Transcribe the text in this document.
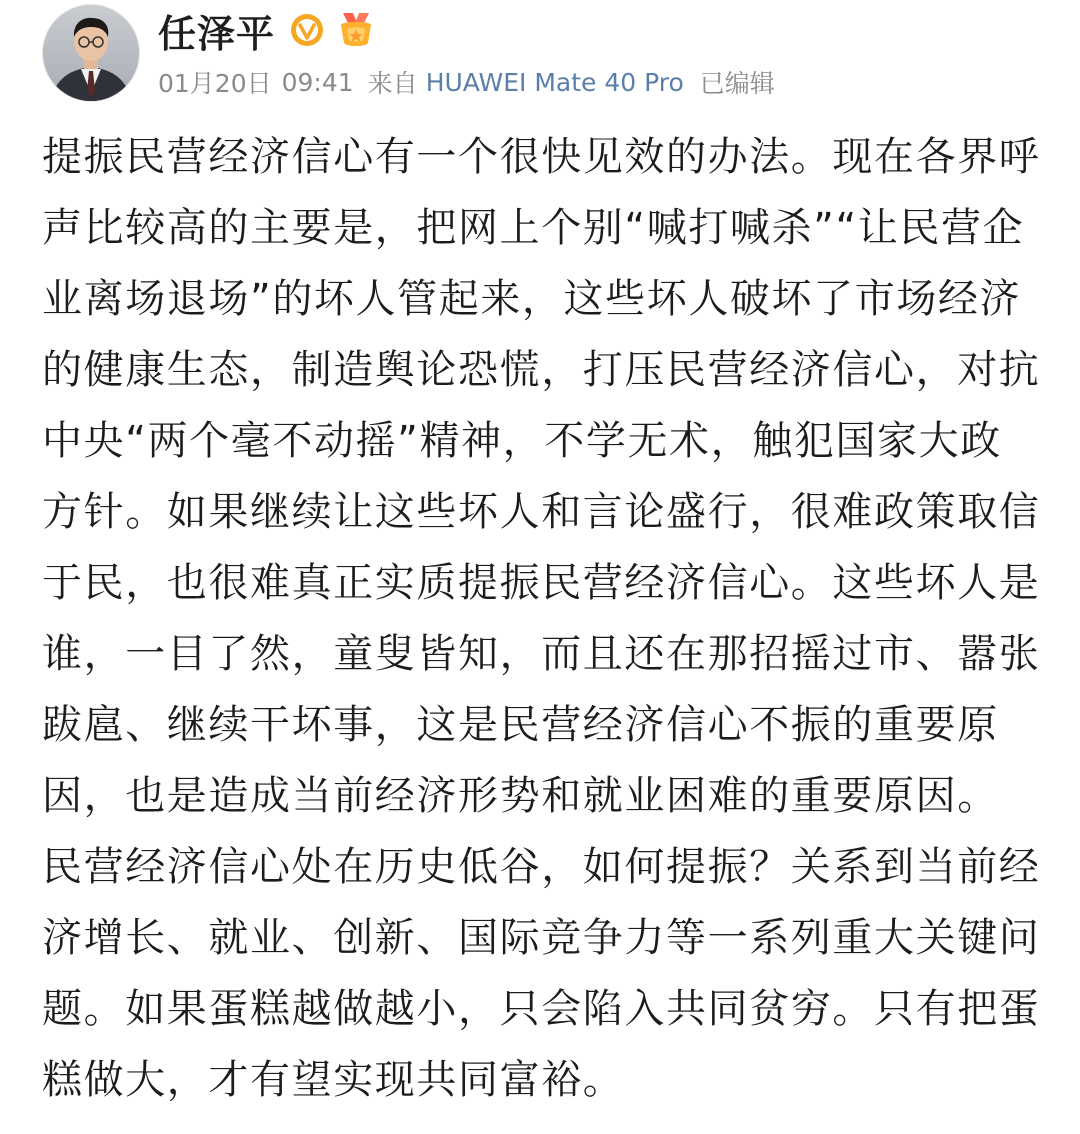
任泽平
01月20日 09:41 来自 HUAWEI Mate 40 Pro 已编辑

提振民营经济信心有一个很快见效的办法。现在各界呼声比较高的主要是，把网上个别“喊打喊杀”“让民营企业离场退场”的坏人管起来，这些坏人破坏了市场经济的健康生态，制造舆论恐慌，打压民营经济信心，对抗中央“两个毫不动摇”精神，不学无术，触犯国家大政方针。如果继续让这些坏人和言论盛行，很难政策取信于民，也很难真正实质提振民营经济信心。这些坏人是谁，一目了然，童叟皆知，而且还在那招摇过市、嚣张跋扈、继续干坏事，这是民营经济信心不振的重要原因，也是造成当前经济形势和就业困难的重要原因。 民营经济信心处在历史低谷，如何提振？关系到当前经济增长、就业、创新、国际竞争力等一系列重大关键问题。如果蛋糕越做越小，只会陷入共同贫穷。只有把蛋糕做大，才有望实现共同富裕。
